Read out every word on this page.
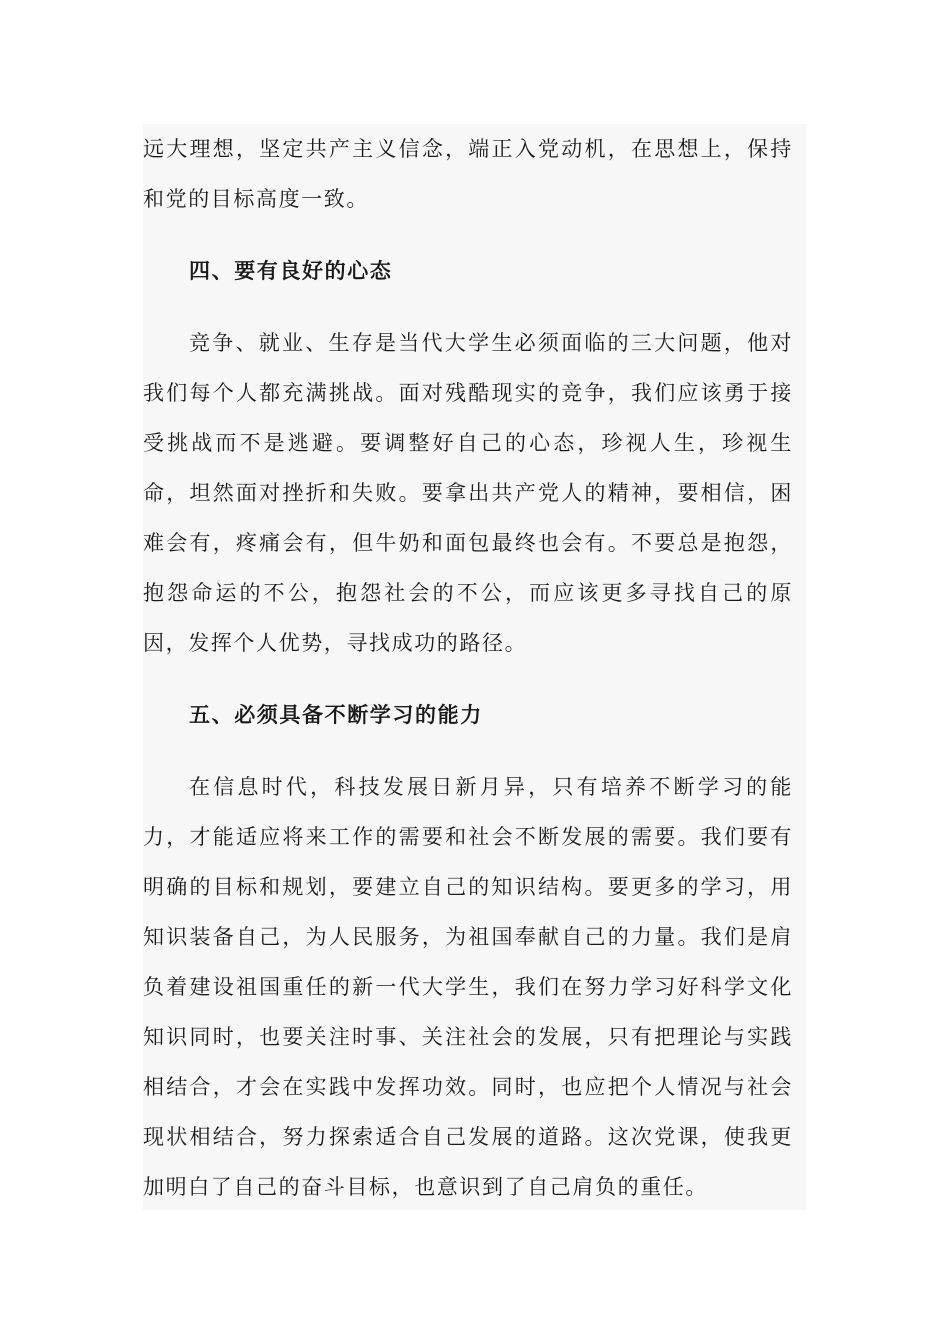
远大理想，坚定共产主义信念，端正入党动机，在思想上，保持和党的目标高度一致。

四、要有良好的心态

竞争、就业、生存是当代大学生必须面临的三大问题，他对我们每个人都充满挑战。面对残酷现实的竞争，我们应该勇于接受挑战而不是逃避。要调整好自己的心态，珍视人生，珍视生命，坦然面对挫折和失败。要拿出共产党人的精神，要相信，困难会有，疼痛会有，但牛奶和面包最终也会有。不要总是抱怨，抱怨命运的不公，抱怨社会的不公，而应该更多寻找自己的原因，发挥个人优势，寻找成功的路径。

五、必须具备不断学习的能力

在信息时代，科技发展日新月异，只有培养不断学习的能力，才能适应将来工作的需要和社会不断发展的需要。我们要有明确的目标和规划，要建立自己的知识结构。要更多的学习，用知识装备自己，为人民服务，为祖国奉献自己的力量。我们是肩负着建设祖国重任的新一代大学生，我们在努力学习好科学文化知识同时，也要关注时事、关注社会的发展，只有把理论与实践相结合，才会在实践中发挥功效。同时，也应把个人情况与社会现状相结合，努力探索适合自己发展的道路。这次党课，使我更加明白了自己的奋斗目标，也意识到了自己肩负的重任。
